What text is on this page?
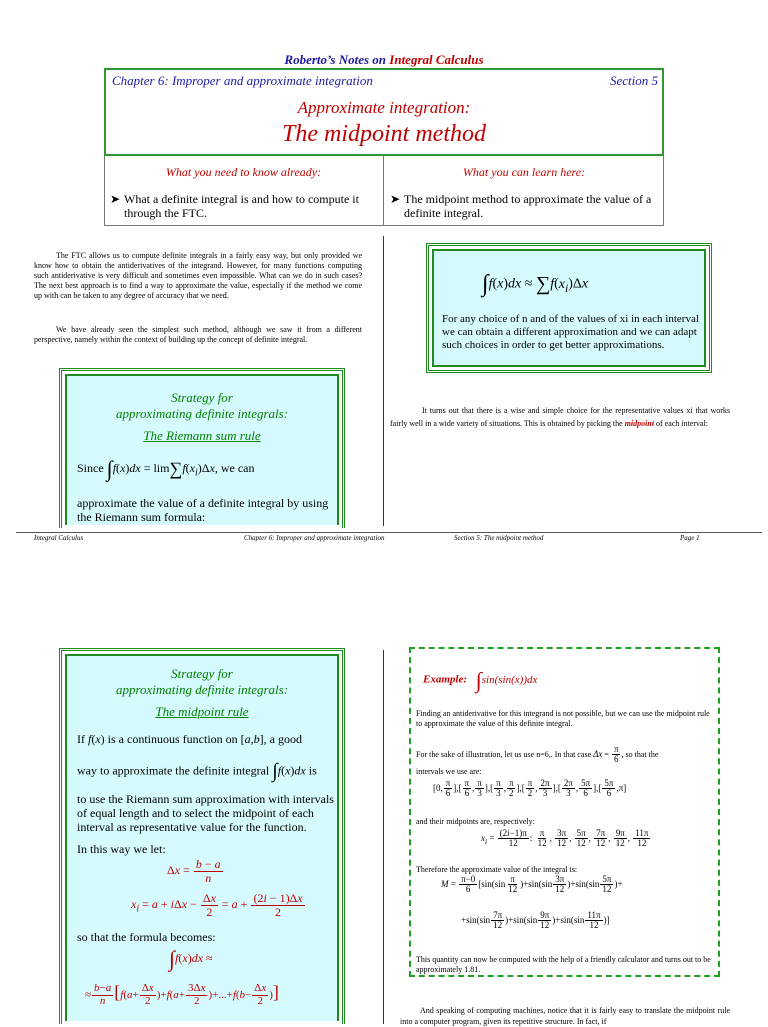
Roberto’s Notes on Integral Calculus
Chapter 6: Improper and approximate integration	Section 5
Approximate integration:
The midpoint method
What you need to know already:	What you can learn here:
➤ What a definite integral is and how to compute it through the FTC.
➤ The midpoint method to approximate the value of a definite integral.
The FTC allows us to compute definite integrals in a fairly easy way, but only provided we know how to obtain the antiderivatives of the integrand. However, for many functions computing such antiderivative is very difficult and sometimes even impossible. What can we do in such cases? The next best approach is to find a way to approximate the value, especially if the method we come up with can be taken to any degree of accuracy that we need.
We have already seen the simplest such method, although we saw it from a different perspective, namely within the context of building up the concept of definite integral.
Strategy for
approximating definite integrals:
The Riemann sum rule
Since $\int f(x)dx = \lim\sum f(x_i)\Delta x$, we can
approximate the value of a definite integral by using the Riemann sum formula:
$\int f(x)dx \approx \sum f(x_i)\Delta x$
For any choice of n and of the values of xi in each interval we can obtain a different approximation and we can adapt such choices in order to get better approximations.
It turns out that there is a wise and simple choice for the representative values xi that works fairly well in a wide variety of situations. This is obtained by picking the midpoint of each interval:
Integral Calculus	Chapter 6: Improper and approximate integration	Section 5: The midpoint method	Page 1
Strategy for
approximating definite integrals:
The midpoint rule
If f(x) is a continuous function on [a,b], a good
way to approximate the definite integral ∫f(x)dx is
to use the Riemann sum approximation with intervals of equal length and to select the midpoint of each interval as representative value for the function.
In this way we let:
$\Delta x = \frac{b - a}{n}$
$x_i = a + i\Delta x - \frac{\Delta x}{2} = a + \frac{(2i - 1)\Delta x}{2}$
so that the formula becomes:
∫f(x)dx ≈
≈ $\frac{b-a}{n} [f(a+ \frac{\Delta x}{2} )+f(a+ \frac{3\Delta x}{2} )+...+f(b- \frac{\Delta x}{2}$ )]
Example: ∫sin(sin(x))dx
Finding an antiderivative for this integrand is not possible, but we can use the midpoint rule to approximate the value of this definite integral.
For the sake of illustration, let us use n=6,. In that case $\Delta x = \frac{\pi}{6}$ , so that the
intervals we use are:
[0, $\frac{\pi}{6}$ ],[ $\frac{\pi}{6}$ , $\frac{\pi}{3}$ ],[ $\frac{\pi}{3}$ , $\frac{\pi}{2}$ ],[ $\frac{\pi}{2}$ , $\frac{2\pi}{3}$ ],[ $\frac{2\pi}{3}$ , $\frac{5\pi}{6}$ ],[ $\frac{5\pi}{6} ,\pi$]
and their midpoints are, respectively:
$x_i = \frac{(2i-1)\pi}{12}$ : $\frac{\pi}{12}$ , $\frac{3\pi}{12}$ , $\frac{5\pi}{12}$ , $\frac{7\pi}{12}$ , $\frac{9\pi}{12}$ , $\frac{11\pi}{12}$
Therefore the approximate value of the integral is:
$M = \frac{\pi-0}{6} [\sin(\sin \frac{\pi}{12} )+\sin(\sin \frac{3\pi}{12} )+\sin(\sin \frac{5\pi}{12}$ )+
$+\sin(\sin \frac{7\pi}{12} )+\sin(\sin \frac{9\pi}{12} )+\sin(\sin \frac{11\pi}{12}$ )]
This quantity can now be computed with the help of a friendly calculator and turns out to be approximately 1.81.
And speaking of computing machines, notice that it is fairly easy to translate the midpoint rule into a computer program, given its repetitive structure. In fact, if
